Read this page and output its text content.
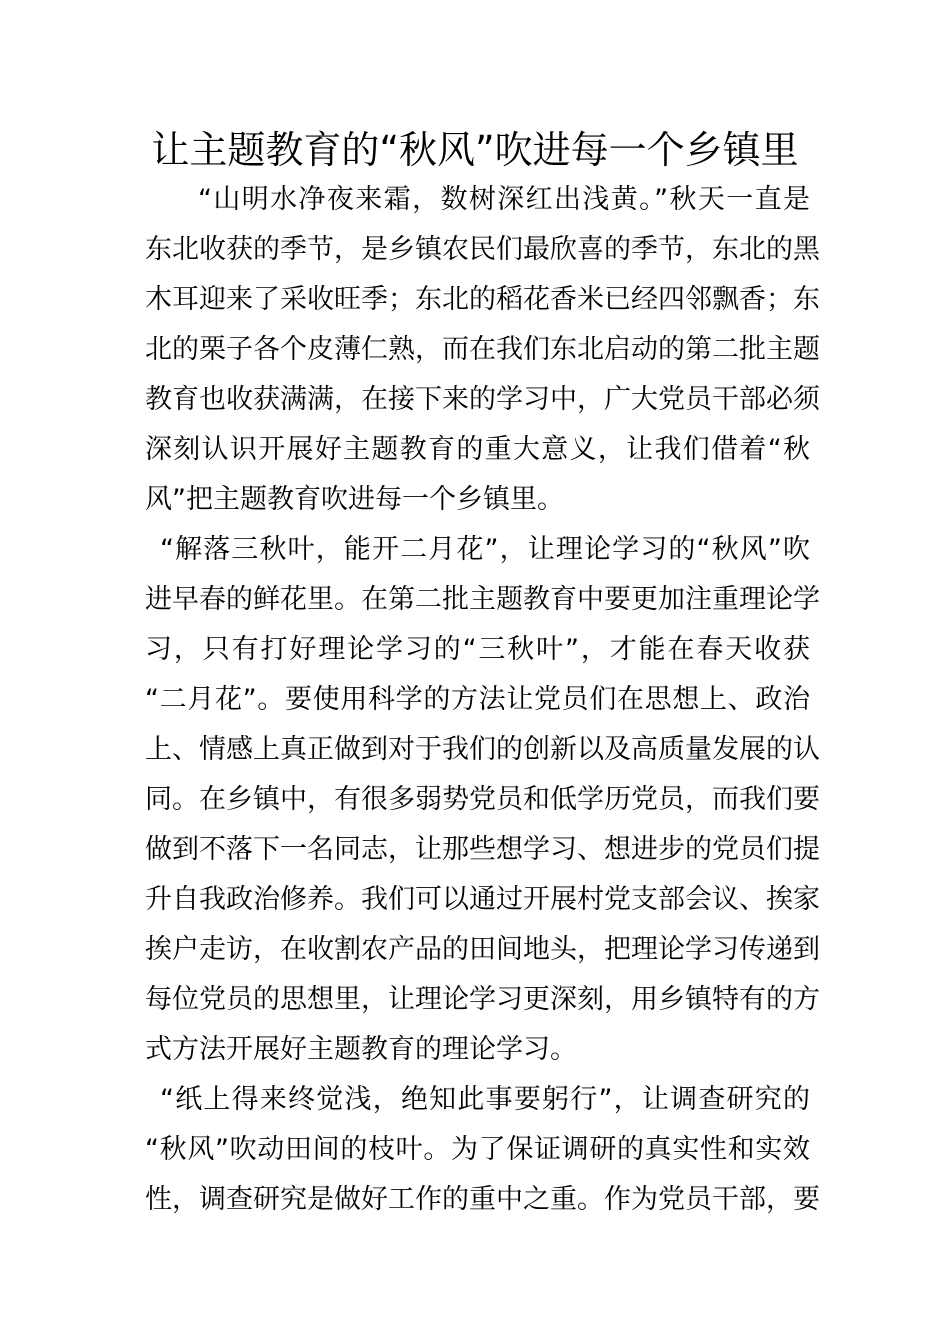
让主题教育的“秋风”吹进每一个乡镇里
“山明水净夜来霜，数树深红出浅黄。”秋天一直是
东北收获的季节，是乡镇农民们最欣喜的季节，东北的黑
木耳迎来了采收旺季；东北的稻花香米已经四邻飘香；东
北的栗子各个皮薄仁熟，而在我们东北启动的第二批主题
教育也收获满满，在接下来的学习中，广大党员干部必须
深刻认识开展好主题教育的重大意义，让我们借着“秋
风”把主题教育吹进每一个乡镇里。
“解落三秋叶，能开二月花”，让理论学习的“秋风”吹
进早春的鲜花里。在第二批主题教育中要更加注重理论学
习，只有打好理论学习的“三秋叶”，才能在春天收获
“二月花”。要使用科学的方法让党员们在思想上、政治
上、情感上真正做到对于我们的创新以及高质量发展的认
同。在乡镇中，有很多弱势党员和低学历党员，而我们要
做到不落下一名同志，让那些想学习、想进步的党员们提
升自我政治修养。我们可以通过开展村党支部会议、挨家
挨户走访，在收割农产品的田间地头，把理论学习传递到
每位党员的思想里，让理论学习更深刻，用乡镇特有的方
式方法开展好主题教育的理论学习。
“纸上得来终觉浅，绝知此事要躬行”，让调查研究的
“秋风”吹动田间的枝叶。为了保证调研的真实性和实效
性，调查研究是做好工作的重中之重。作为党员干部，要
